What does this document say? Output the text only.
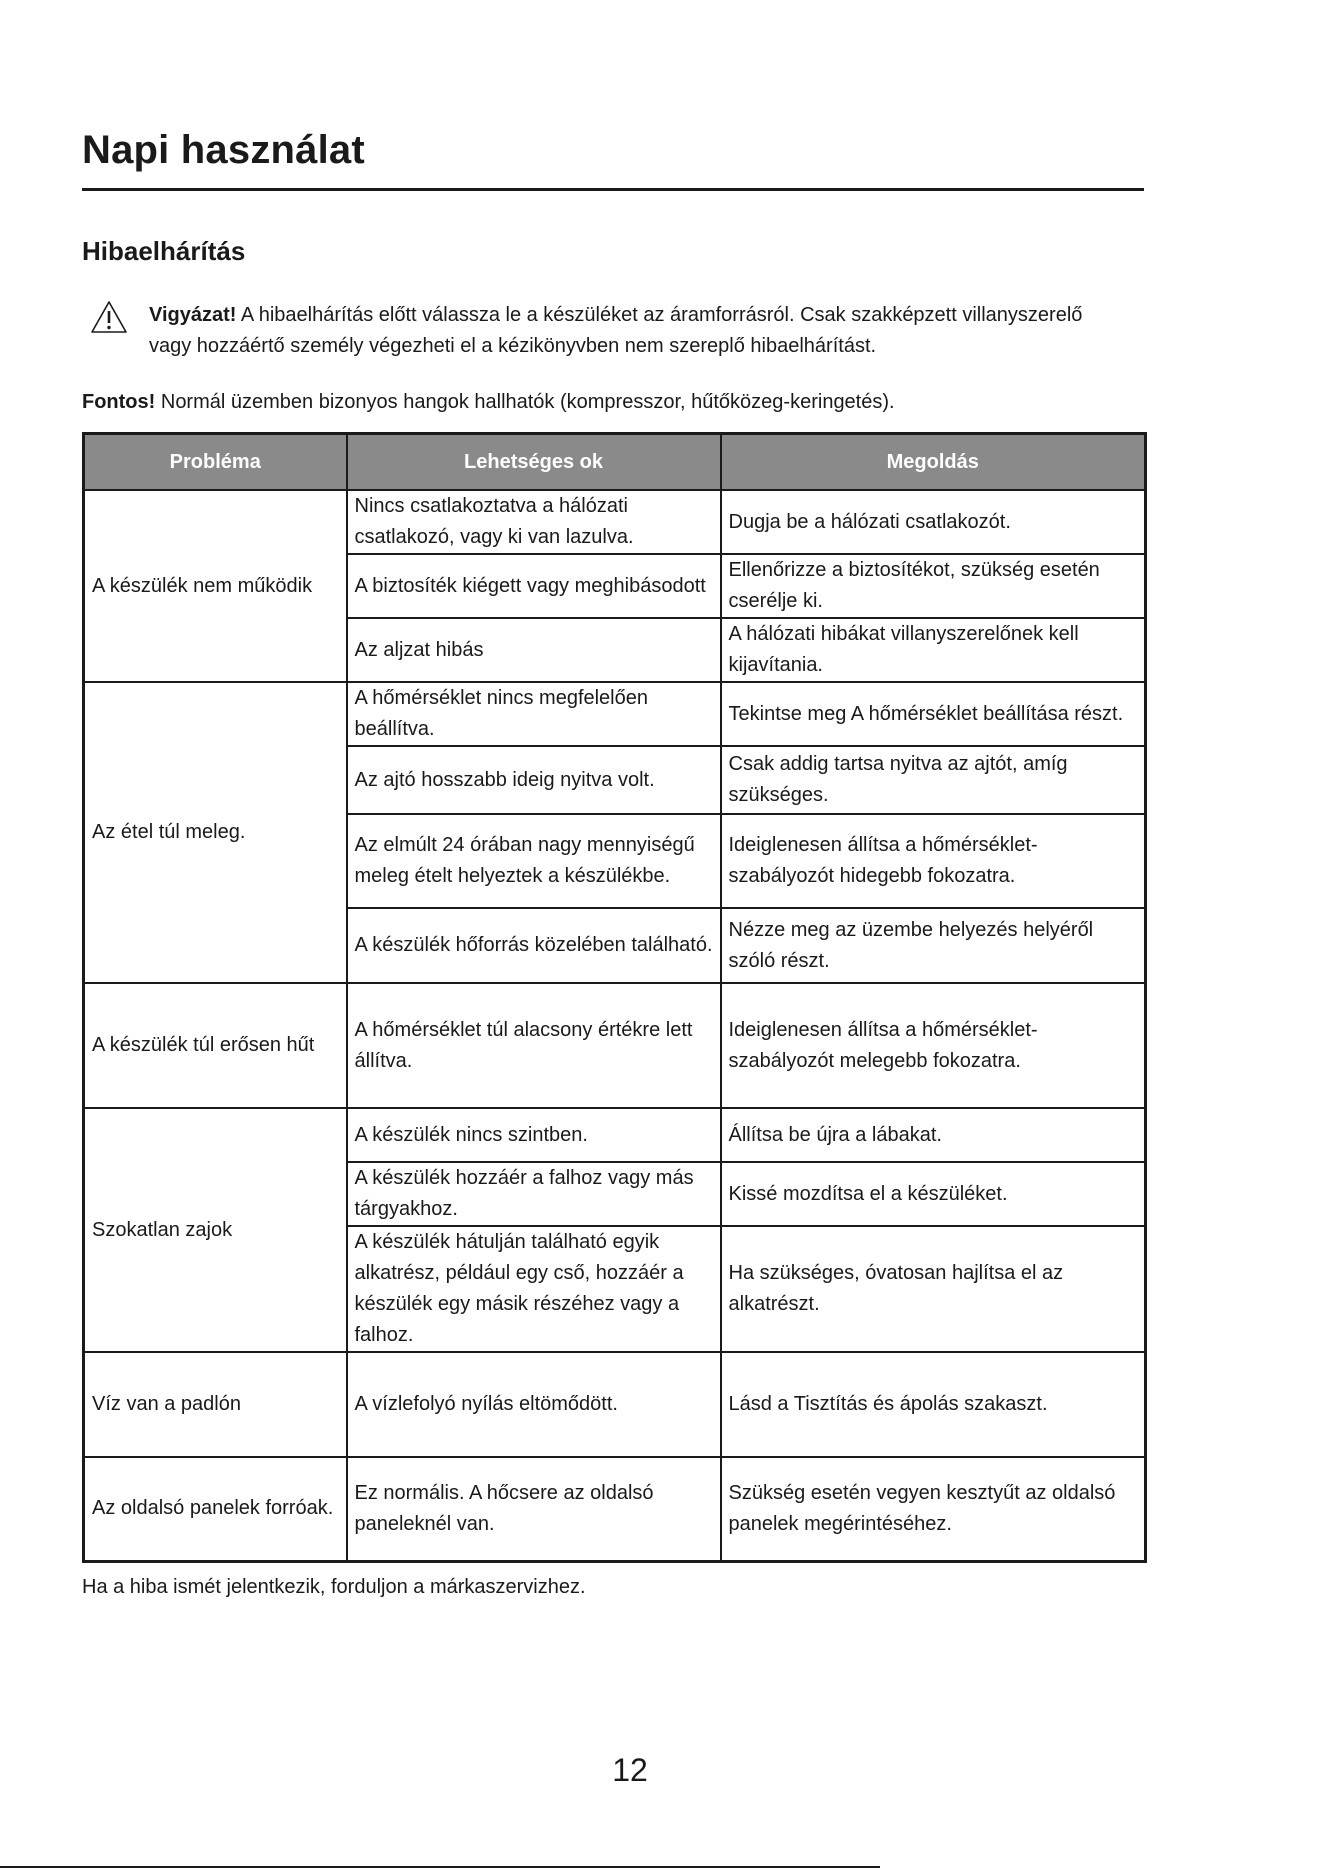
Napi használat
Hibaelhárítás

Vigyázat! A hibaelhárítás előtt válassza le a készüléket az áramforrásról. Csak szakképzett villanyszerelő vagy hozzáértő személy végezheti el a kézikönyvben nem szereplő hibaelhárítást.

Fontos! Normál üzemben bizonyos hangok hallhatók (kompresszor, hűtőközeg-keringetés).

Probléma	Lehetséges ok	Megoldás
A készülék nem működik	Nincs csatlakoztatva a hálózati csatlakozó, vagy ki van lazulva.	Dugja be a hálózati csatlakozót.
	A biztosíték kiégett vagy meghibásodott	Ellenőrizze a biztosítékot, szükség esetén cserélje ki.
	Az aljzat hibás	A hálózati hibákat villanyszerelőnek kell kijavítania.
Az étel túl meleg.	A hőmérséklet nincs megfelelően beállítva.	Tekintse meg A hőmérséklet beállítása részt.
	Az ajtó hosszabb ideig nyitva volt.	Csak addig tartsa nyitva az ajtót, amíg szükséges.
	Az elmúlt 24 órában nagy mennyiségű meleg ételt helyeztek a készülékbe.	Ideiglenesen állítsa a hőmérséklet-szabályozót hidegebb fokozatra.
	A készülék hőforrás közelében található.	Nézze meg az üzembe helyezés helyéről szóló részt.
A készülék túl erősen hűt	A hőmérséklet túl alacsony értékre lett állítva.	Ideiglenesen állítsa a hőmérséklet-szabályozót melegebb fokozatra.
Szokatlan zajok	A készülék nincs szintben.	Állítsa be újra a lábakat.
	A készülék hozzáér a falhoz vagy más tárgyakhoz.	Kissé mozdítsa el a készüléket.
	A készülék hátulján található egyik alkatrész, például egy cső, hozzáér a készülék egy másik részéhez vagy a falhoz.	Ha szükséges, óvatosan hajlítsa el az alkatrészt.
Víz van a padlón	A vízlefolyó nyílás eltömődött.	Lásd a Tisztítás és ápolás szakaszt.
Az oldalsó panelek forróak.	Ez normális. A hőcsere az oldalsó paneleknél van.	Szükség esetén vegyen kesztyűt az oldalsó panelek megérintéséhez.

Ha a hiba ismét jelentkezik, forduljon a márkaszervizhez.

12
